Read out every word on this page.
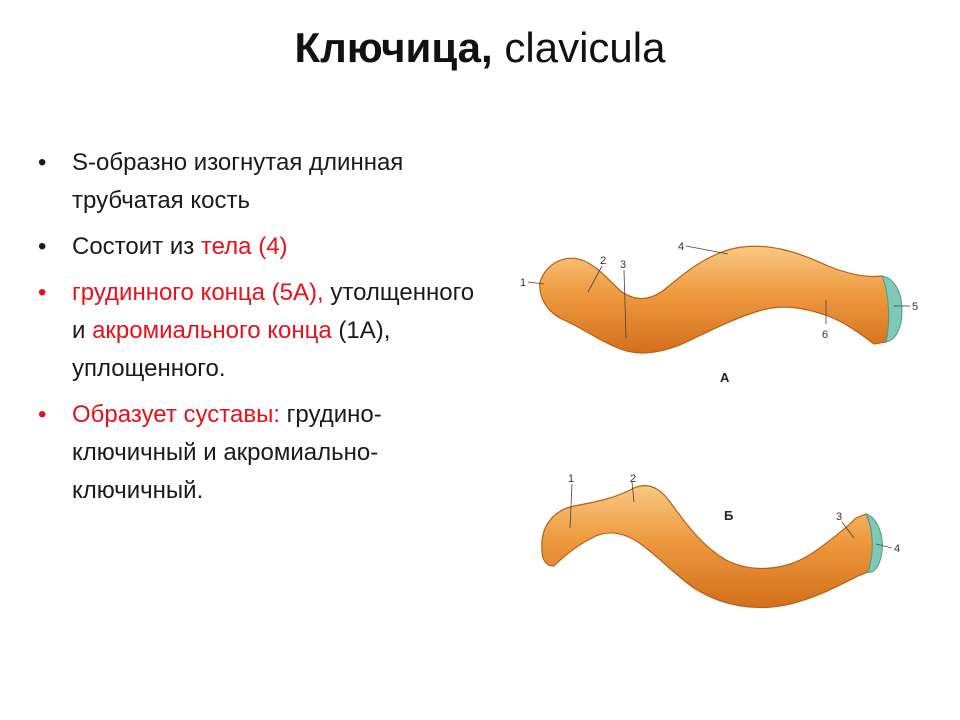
Ключица, clavicula
• S-образно изогнутая длинная трубчатая кость
• Состоит из тела (4)
• грудинного конца (5А), утолщенного и акромиального конца (1А), уплощенного.
• Образует суставы: грудино-ключичный и акромиально-ключичный.
1
2 3
4
5
6
А
1	2
3
4
Б
